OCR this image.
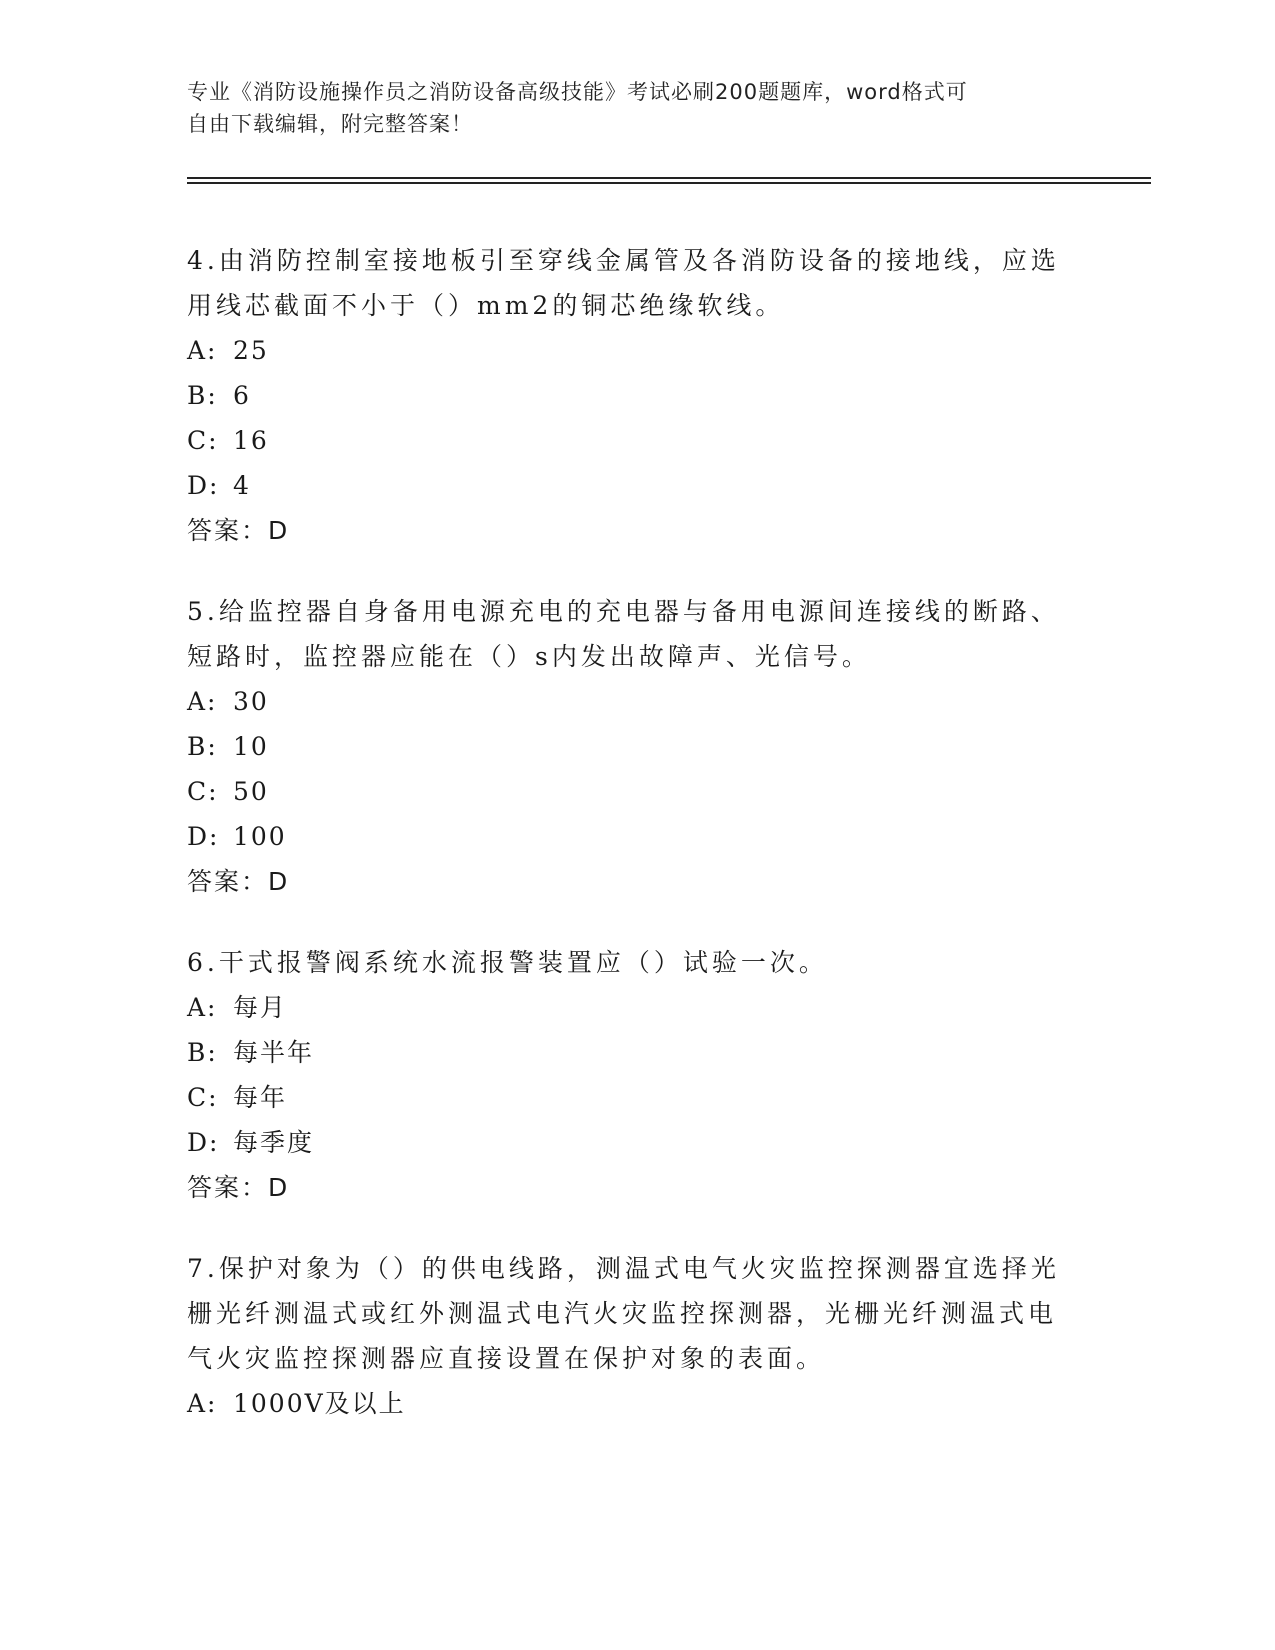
专业《消防设施操作员之消防设备高级技能》考试必刷200题题库，word格式可
自由下载编辑，附完整答案！

4.由消防控制室接地板引至穿线金属管及各消防设备的接地线，应选
用线芯截面不小于（）mm2的铜芯绝缘软线。

A: 25

B: 6

C: 16

D: 4

答案：D

5.给监控器自身备用电源充电的充电器与备用电源间连接线的断路、
短路时，监控器应能在（）s内发出故障声、光信号。

A: 30

B: 10

C: 50

D: 100

答案：D

6.干式报警阀系统水流报警装置应（）试验一次。

A: 每月

B: 每半年

C: 每年

D: 每季度

答案：D

7.保护对象为（）的供电线路，测温式电气火灾监控探测器宜选择光
栅光纤测温式或红外测温式电汽火灾监控探测器，光栅光纤测温式电
气火灾监控探测器应直接设置在保护对象的表面。

A: 1000V及以上
